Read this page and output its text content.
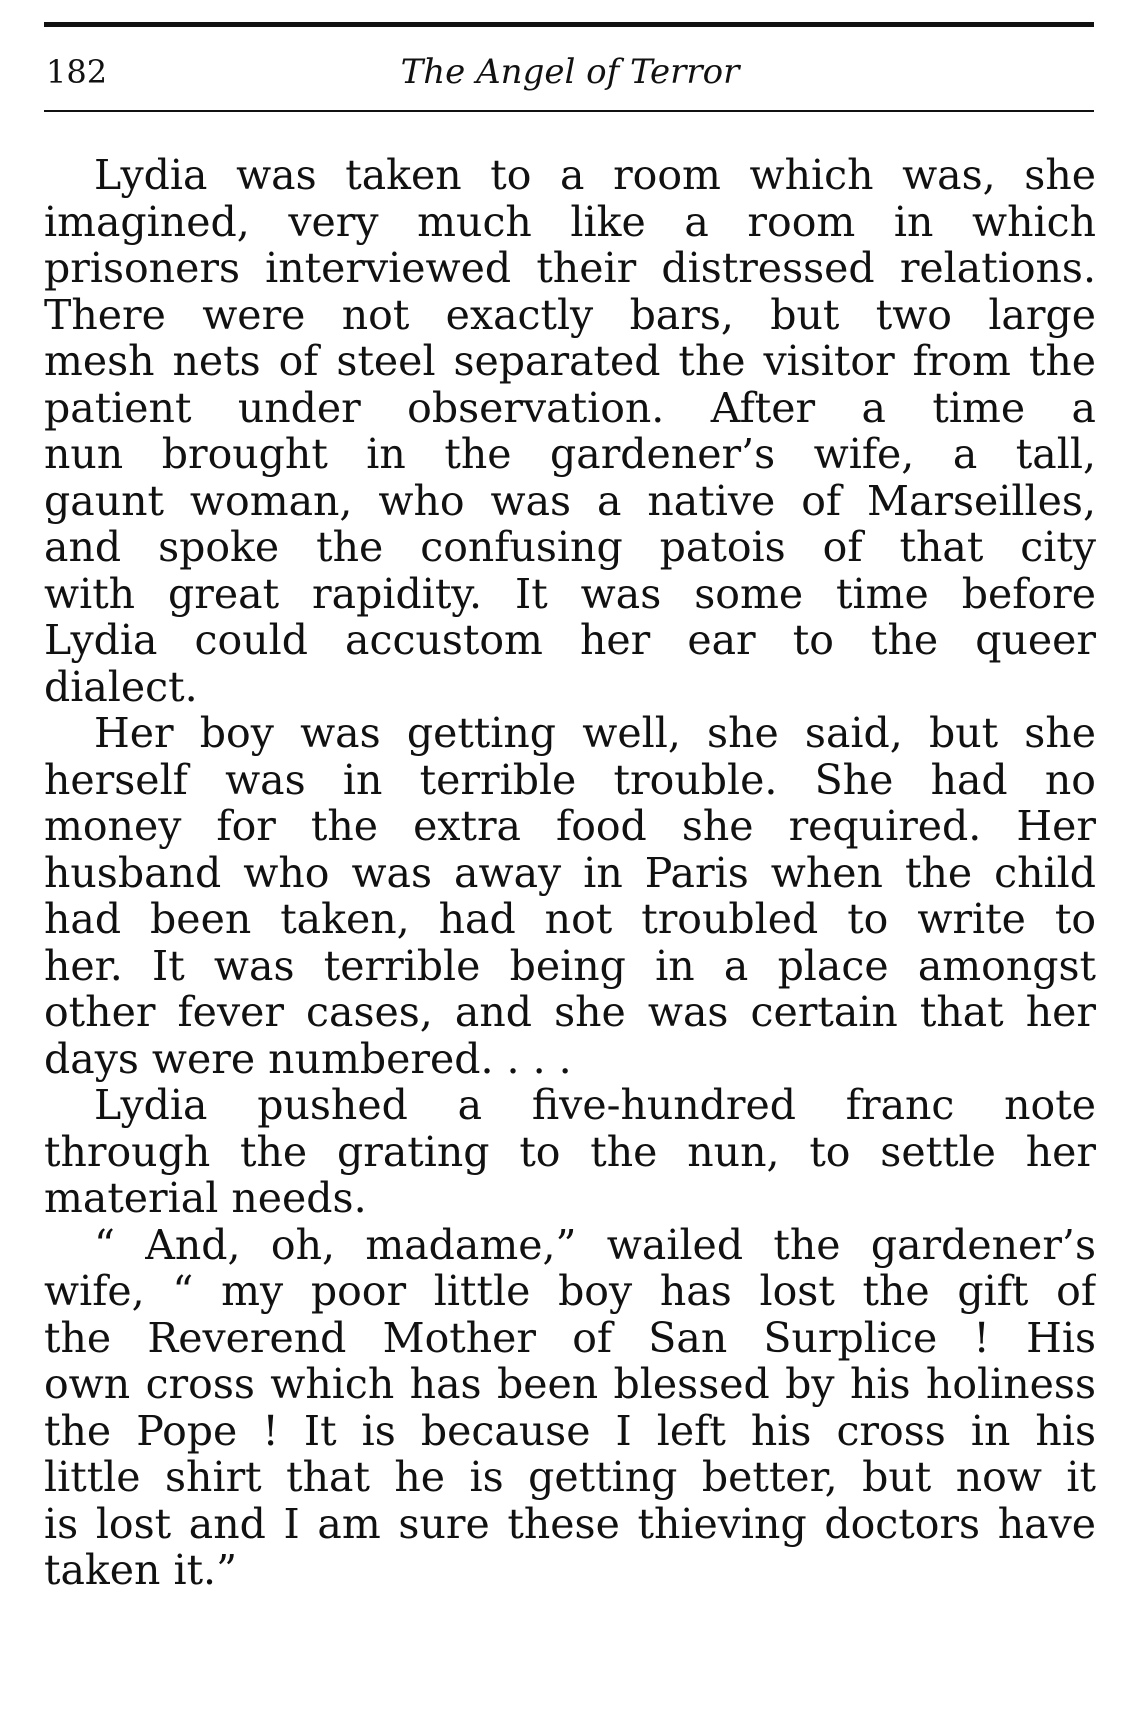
182	The Angel of Terror
Lydia was taken to a room which was, she
imagined, very much like a room in which
prisoners interviewed their distressed relations.
There were not exactly bars, but two large
mesh nets of steel separated the visitor from the
patient under observation. After a time a
nun brought in the gardener’s wife, a tall,
gaunt woman, who was a native of Marseilles,
and spoke the confusing patois of that city
with great rapidity. It was some time before
Lydia could accustom her ear to the queer
dialect.
Her boy was getting well, she said, but she
herself was in terrible trouble. She had no
money for the extra food she required. Her
husband who was away in Paris when the child
had been taken, had not troubled to write to
her. It was terrible being in a place amongst
other fever cases, and she was certain that her
days were numbered. . . .
Lydia pushed a five-hundred franc note
through the grating to the nun, to settle her
material needs.
“ And, oh, madame,” wailed the gardener’s
wife, “ my poor little boy has lost the gift of
the Reverend Mother of San Surplice ! His
own cross which has been blessed by his holiness
the Pope ! It is because I left his cross in his
little shirt that he is getting better, but now it
is lost and I am sure these thieving doctors have
taken it.”
